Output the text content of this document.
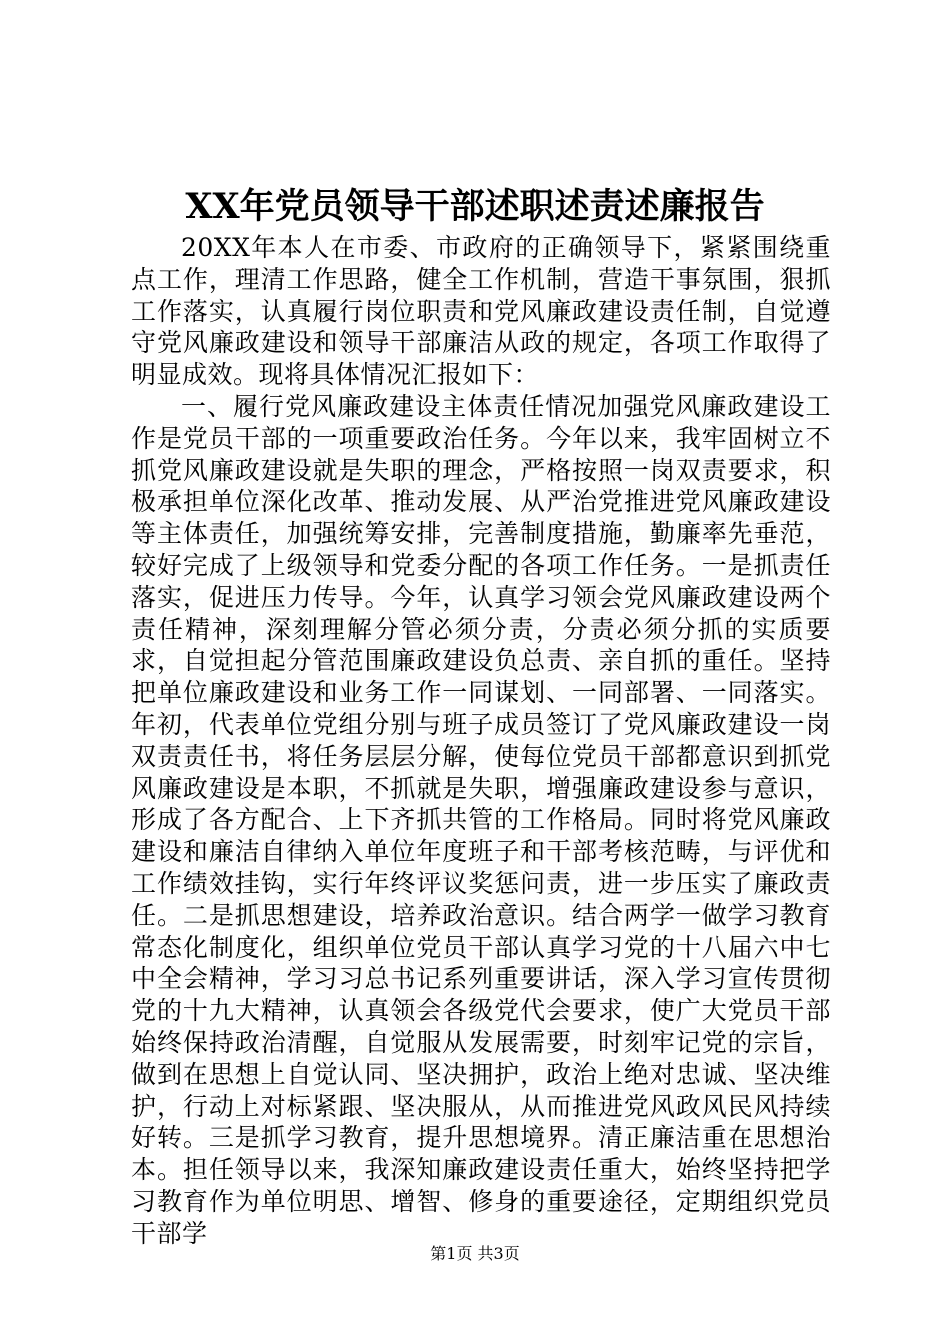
XX年党员领导干部述职述责述廉报告

20XX年本人在市委、市政府的正确领导下，紧紧围绕重点工作，理清工作思路，健全工作机制，营造干事氛围，狠抓工作落实，认真履行岗位职责和党风廉政建设责任制，自觉遵守党风廉政建设和领导干部廉洁从政的规定，各项工作取得了明显成效。现将具体情况汇报如下：

一、履行党风廉政建设主体责任情况加强党风廉政建设工作是党员干部的一项重要政治任务。今年以来，我牢固树立不抓党风廉政建设就是失职的理念，严格按照一岗双责要求，积极承担单位深化改革、推动发展、从严治党推进党风廉政建设等主体责任，加强统筹安排，完善制度措施，勤廉率先垂范，较好完成了上级领导和党委分配的各项工作任务。一是抓责任落实，促进压力传导。今年，认真学习领会党风廉政建设两个责任精神，深刻理解分管必须分责，分责必须分抓的实质要求，自觉担起分管范围廉政建设负总责、亲自抓的重任。坚持把单位廉政建设和业务工作一同谋划、一同部署、一同落实。年初，代表单位党组分别与班子成员签订了党风廉政建设一岗双责责任书，将任务层层分解，使每位党员干部都意识到抓党风廉政建设是本职，不抓就是失职，增强廉政建设参与意识，形成了各方配合、上下齐抓共管的工作格局。同时将党风廉政建设和廉洁自律纳入单位年度班子和干部考核范畴，与评优和工作绩效挂钩，实行年终评议奖惩问责，进一步压实了廉政责任。二是抓思想建设，培养政治意识。结合两学一做学习教育常态化制度化，组织单位党员干部认真学习党的十八届六中七中全会精神，学习习总书记系列重要讲话，深入学习宣传贯彻党的十九大精神，认真领会各级党代会要求，使广大党员干部始终保持政治清醒，自觉服从发展需要，时刻牢记党的宗旨，做到在思想上自觉认同、坚决拥护，政治上绝对忠诚、坚决维护，行动上对标紧跟、坚决服从，从而推进党风政风民风持续好转。三是抓学习教育，提升思想境界。清正廉洁重在思想治本。担任领导以来，我深知廉政建设责任重大，始终坚持把学习教育作为单位明思、增智、修身的重要途径，定期组织党员干部学

第1页 共3页
